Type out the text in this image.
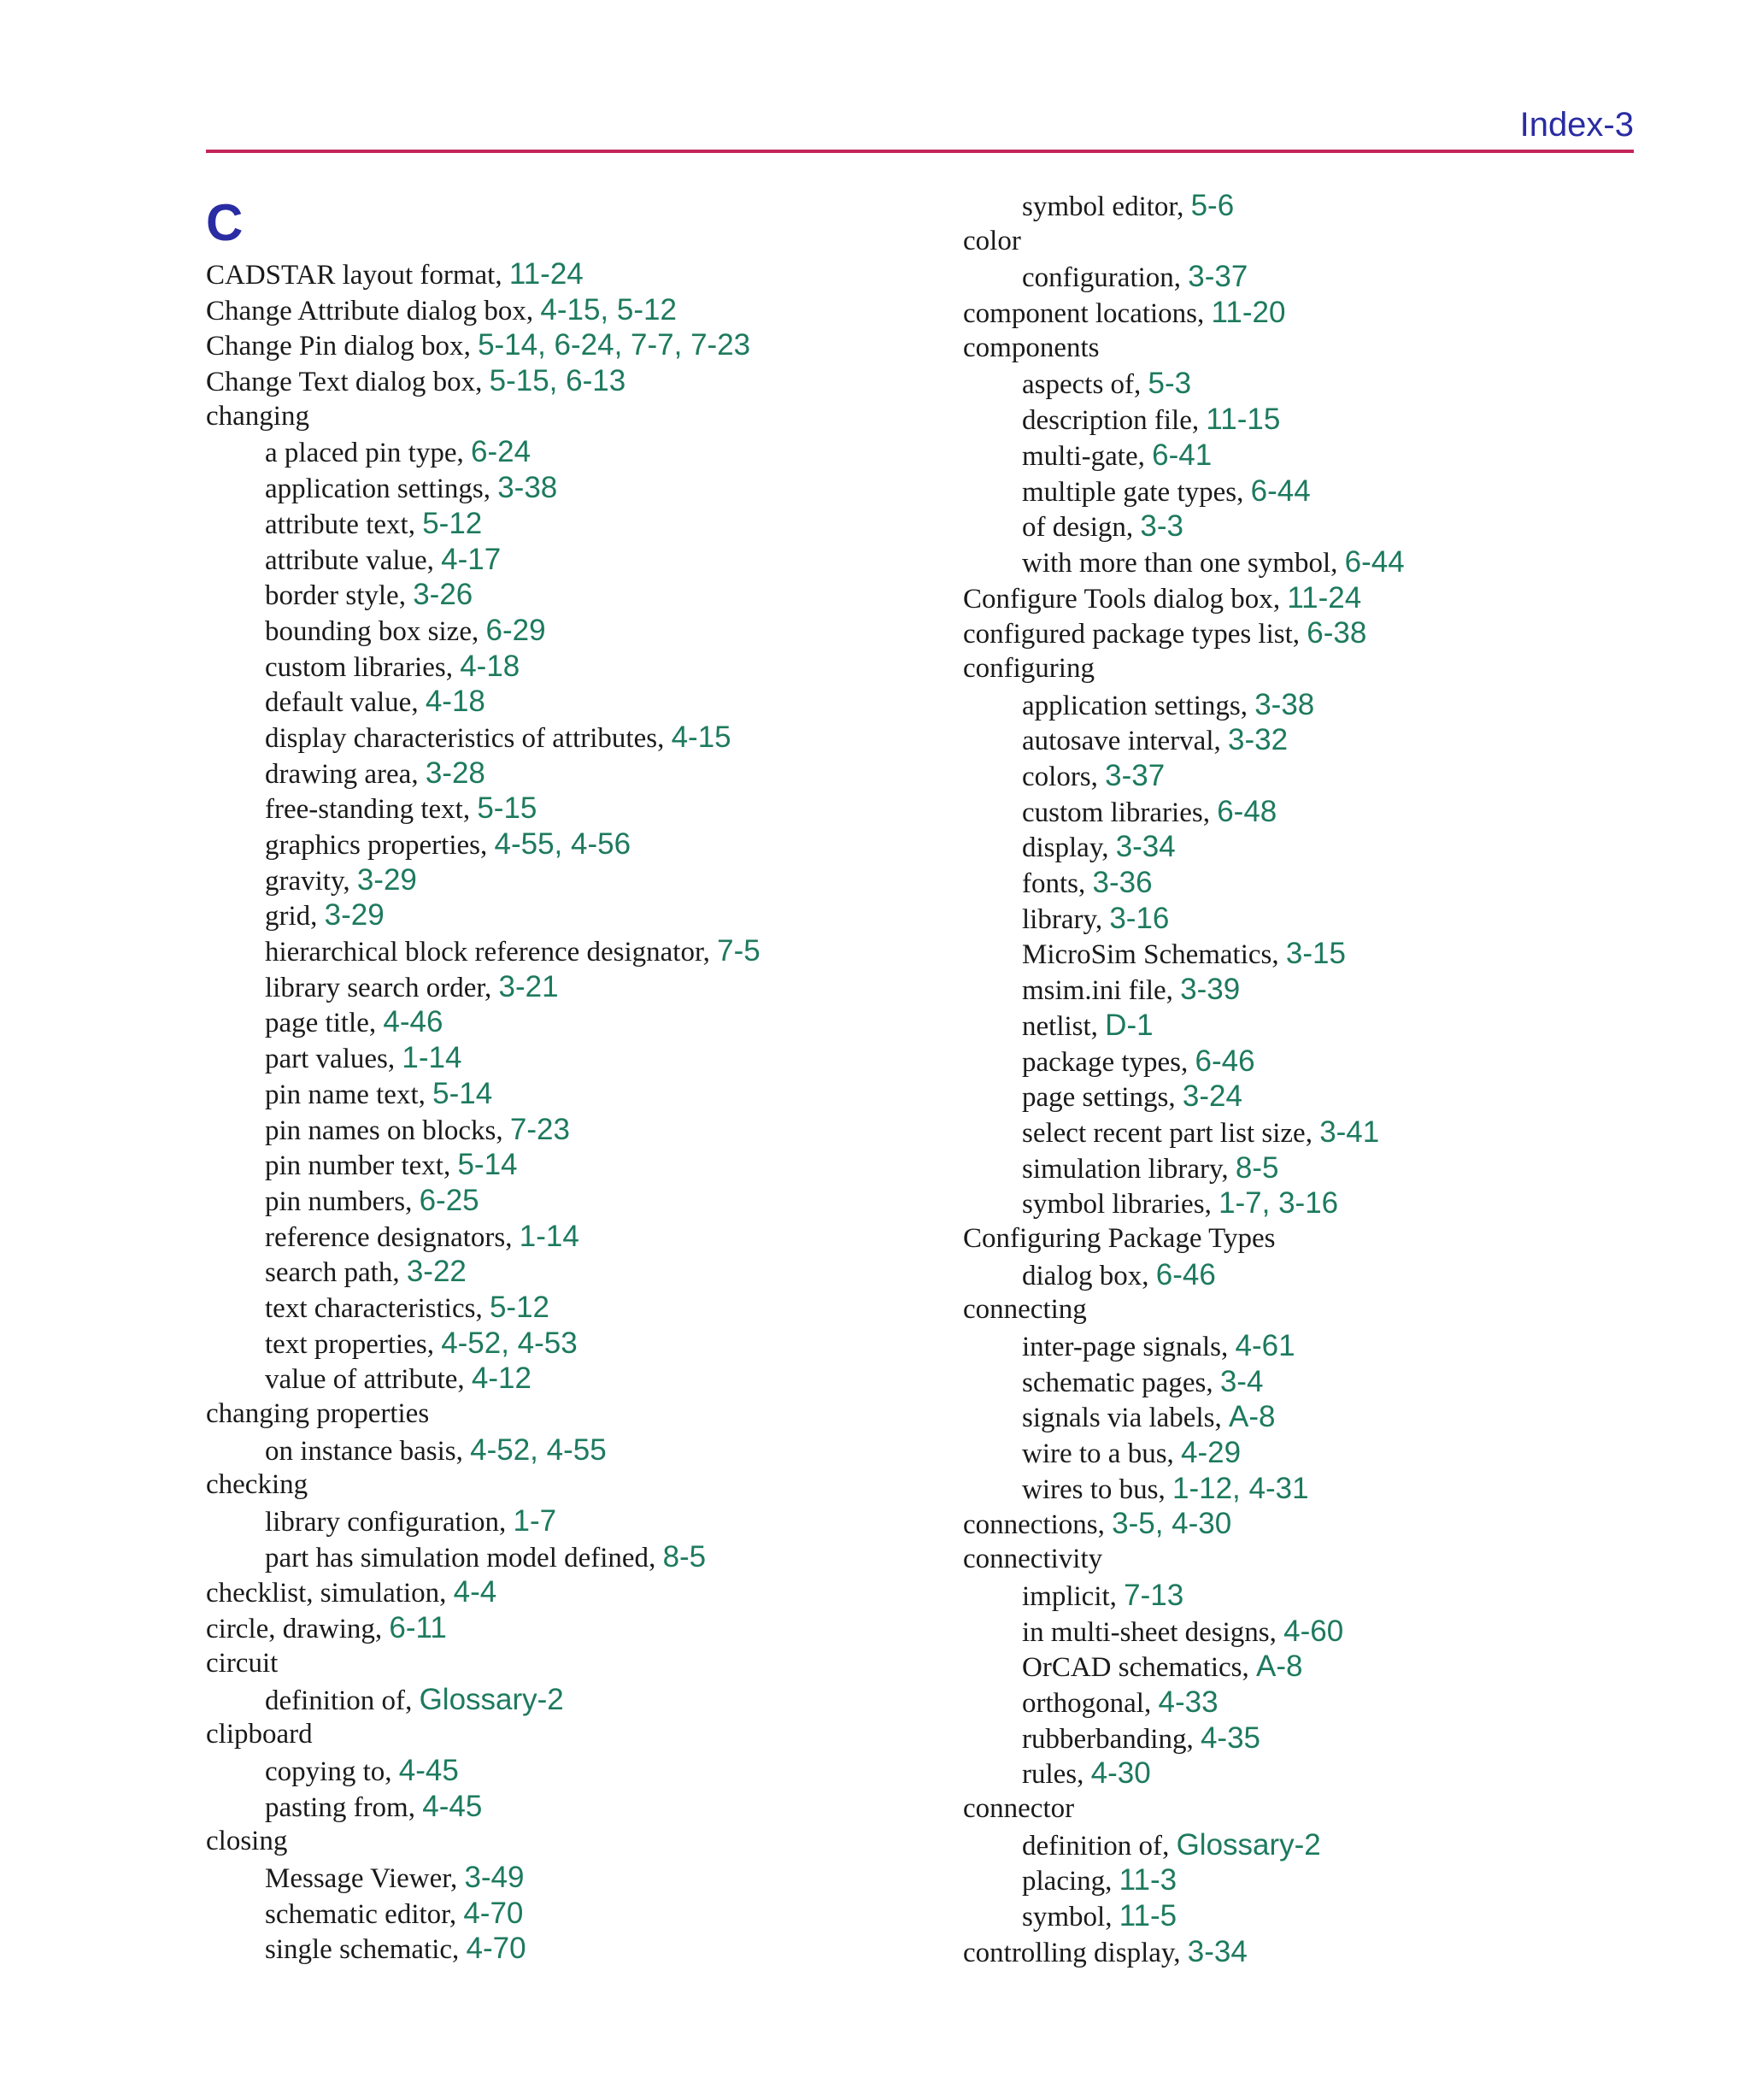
Index-3
C
CADSTAR layout format, 11-24
Change Attribute dialog box, 4-15, 5-12
Change Pin dialog box, 5-14, 6-24, 7-7, 7-23
Change Text dialog box, 5-15, 6-13
changing
a placed pin type, 6-24
application settings, 3-38
attribute text, 5-12
attribute value, 4-17
border style, 3-26
bounding box size, 6-29
custom libraries, 4-18
default value, 4-18
display characteristics of attributes, 4-15
drawing area, 3-28
free-standing text, 5-15
graphics properties, 4-55, 4-56
gravity, 3-29
grid, 3-29
hierarchical block reference designator, 7-5
library search order, 3-21
page title, 4-46
part values, 1-14
pin name text, 5-14
pin names on blocks, 7-23
pin number text, 5-14
pin numbers, 6-25
reference designators, 1-14
search path, 3-22
text characteristics, 5-12
text properties, 4-52, 4-53
value of attribute, 4-12
changing properties
on instance basis, 4-52, 4-55
checking
library configuration, 1-7
part has simulation model defined, 8-5
checklist, simulation, 4-4
circle, drawing, 6-11
circuit
definition of, Glossary-2
clipboard
copying to, 4-45
pasting from, 4-45
closing
Message Viewer, 3-49
schematic editor, 4-70
single schematic, 4-70
symbol editor, 5-6
color
configuration, 3-37
component locations, 11-20
components
aspects of, 5-3
description file, 11-15
multi-gate, 6-41
multiple gate types, 6-44
of design, 3-3
with more than one symbol, 6-44
Configure Tools dialog box, 11-24
configured package types list, 6-38
configuring
application settings, 3-38
autosave interval, 3-32
colors, 3-37
custom libraries, 6-48
display, 3-34
fonts, 3-36
library, 3-16
MicroSim Schematics, 3-15
msim.ini file, 3-39
netlist, D-1
package types, 6-46
page settings, 3-24
select recent part list size, 3-41
simulation library, 8-5
symbol libraries, 1-7, 3-16
Configuring Package Types
dialog box, 6-46
connecting
inter-page signals, 4-61
schematic pages, 3-4
signals via labels, A-8
wire to a bus, 4-29
wires to bus, 1-12, 4-31
connections, 3-5, 4-30
connectivity
implicit, 7-13
in multi-sheet designs, 4-60
OrCAD schematics, A-8
orthogonal, 4-33
rubberbanding, 4-35
rules, 4-30
connector
definition of, Glossary-2
placing, 11-3
symbol, 11-5
controlling display, 3-34
